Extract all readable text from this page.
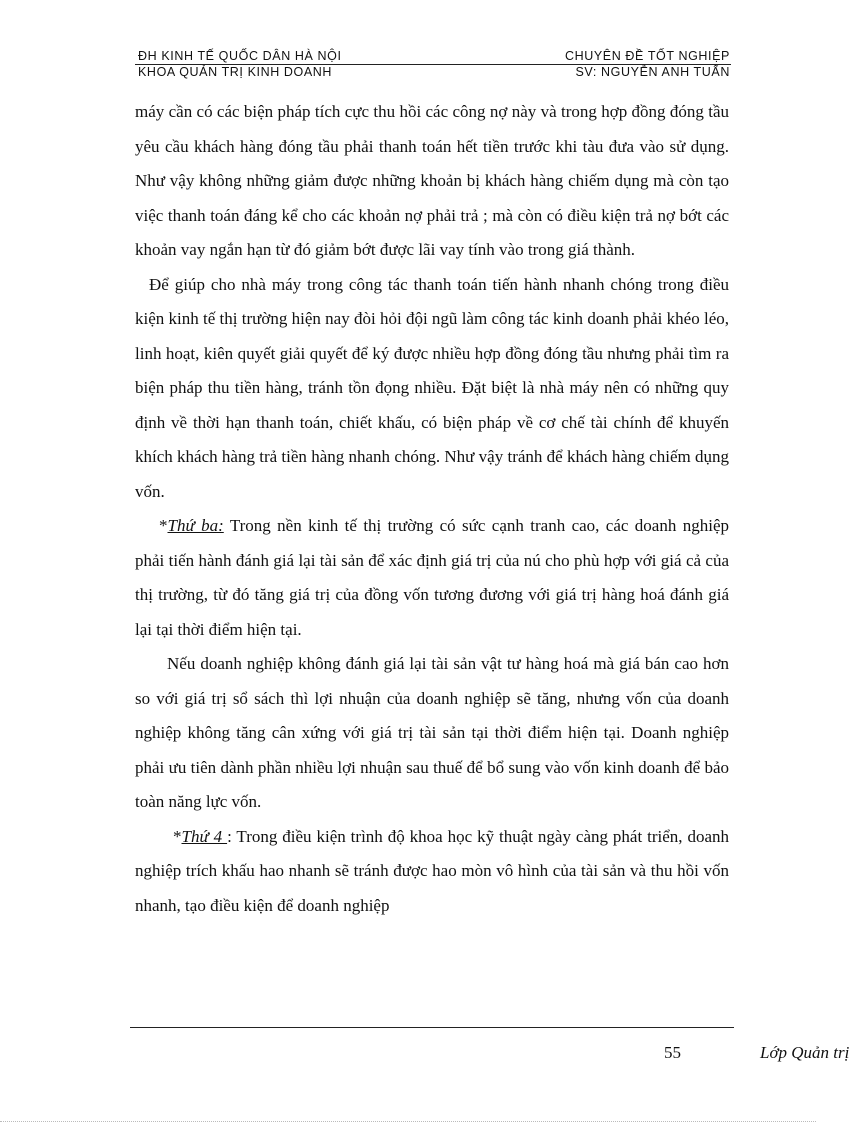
ĐH KINH TẾ QUỐC DÂN HÀ NỘI
KHOA QUẢN TRỊ KINH DOANH
CHUYÊN ĐỀ TỐT NGHIỆP
SV: NGUYỄN ANH TUẤN

máy cần có các biện pháp tích cực thu hồi các công nợ này và trong hợp đồng đóng tầu yêu cầu khách hàng đóng tầu phải thanh toán hết tiền trước khi tàu đưa vào sử dụng. Như vậy không những giảm được những khoản bị khách hàng chiếm dụng mà còn tạo việc thanh toán đáng kể cho các khoản nợ phải trả ; mà còn có điều kiện trả nợ bớt các khoản vay ngắn hạn từ đó giảm bớt được lãi vay tính vào trong giá thành.

Để giúp cho nhà máy trong công tác thanh toán tiến hành nhanh chóng trong điều kiện kinh tế thị trường hiện nay đòi hỏi đội ngũ làm công tác kinh doanh phải khéo léo, linh hoạt, kiên quyết giải quyết để ký được nhiều hợp đồng đóng tầu nhưng phải tìm ra biện pháp thu tiền hàng, tránh tồn đọng nhiều. Đặt biệt là nhà máy nên có những quy định về thời hạn thanh toán, chiết khấu, có biện pháp về cơ chế tài chính để khuyến khích khách hàng trả tiền hàng nhanh chóng. Như vậy tránh để khách hàng chiếm dụng vốn.

*Thứ ba: Trong nền kinh tế thị trường có sức cạnh tranh cao, các doanh nghiệp phải tiến hành đánh giá lại tài sản để xác định giá trị của nú cho phù hợp với giá cả của thị trường, từ đó tăng giá trị của đồng vốn tương đương với giá trị hàng hoá đánh giá lại tại thời điểm hiện tại.

Nếu doanh nghiệp không đánh giá lại tài sản vật tư hàng hoá mà giá bán cao hơn so với giá trị sổ sách thì lợi nhuận của doanh nghiệp sẽ tăng, nhưng vốn của doanh nghiệp không tăng cân xứng với giá trị tài sản tại thời điểm hiện tại. Doanh nghiệp phải ưu tiên dành phần nhiều lợi nhuận sau thuế để bổ sung vào vốn kinh doanh để bảo toàn năng lực vốn.

*Thứ 4 : Trong điều kiện trình độ khoa học kỹ thuật ngày càng phát triển, doanh nghiệp trích khấu hao nhanh sẽ tránh được hao mòn vô hình của tài sản và thu hồi vốn nhanh, tạo điều kiện để doanh nghiệp

55	Lớp Quản trị
